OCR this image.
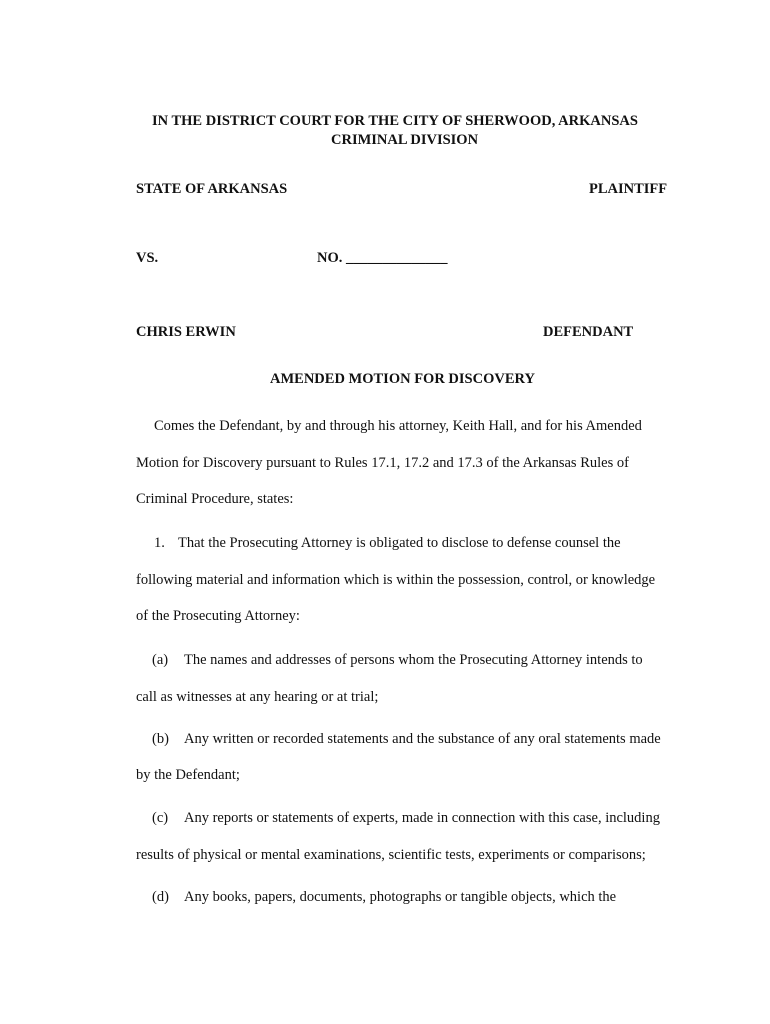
IN THE DISTRICT COURT FOR THE CITY OF SHERWOOD, ARKANSAS
CRIMINAL DIVISION
STATE OF ARKANSAS	PLAINTIFF
VS.	NO. ______________
CHRIS ERWIN	DEFENDANT
AMENDED MOTION FOR DISCOVERY
Comes the Defendant, by and through his attorney, Keith Hall, and for his Amended
Motion for Discovery pursuant to Rules 17.1, 17.2 and 17.3 of the Arkansas Rules of
Criminal Procedure, states:
1. That the Prosecuting Attorney is obligated to disclose to defense counsel the
following material and information which is within the possession, control, or knowledge
of the Prosecuting Attorney:
(a) The names and addresses of persons whom the Prosecuting Attorney intends to
call as witnesses at any hearing or at trial;
(b) Any written or recorded statements and the substance of any oral statements made
by the Defendant;
(c) Any reports or statements of experts, made in connection with this case, including
results of physical or mental examinations, scientific tests, experiments or comparisons;
(d) Any books, papers, documents, photographs or tangible objects, which the
